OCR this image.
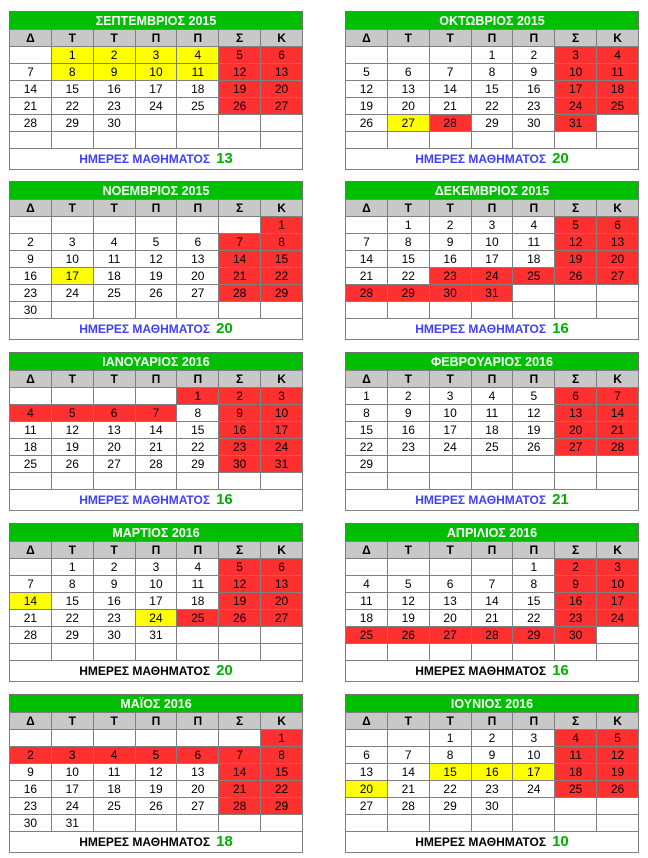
ΣΕΠΤΕΜΒΡΙΟΣ 2015
Δ	Τ	Τ	Π	Π	Σ	Κ
	1	2	3	4	5	6
7	8	9	10	11	12	13
14	15	16	17	18	19	20
21	22	23	24	25	26	27
28	29	30				

ΗΜΕΡΕΣ ΜΑΘΗΜΑΤΟΣ 13						
ΟΚΤΩΒΡΙΟΣ 2015
Δ	Τ	Τ	Π	Π	Σ	Κ
			1	2	3	4
5	6	7	8	9	10	11
12	13	14	15	16	17	18
19	20	21	22	23	24	25
26	27	28	29	30	31	

ΗΜΕΡΕΣ ΜΑΘΗΜΑΤΟΣ 20						
ΝΟΕΜΒΡΙΟΣ 2015
Δ	Τ	Τ	Π	Π	Σ	Κ
						1
2	3	4	5	6	7	8
9	10	11	12	13	14	15
16	17	18	19	20	21	22
23	24	25	26	27	28	29
30						
ΗΜΕΡΕΣ ΜΑΘΗΜΑΤΟΣ 20						
ΔΕΚΕΜΒΡΙΟΣ 2015
Δ	Τ	Τ	Π	Π	Σ	Κ
	1	2	3	4	5	6
7	8	9	10	11	12	13
14	15	16	17	18	19	20
21	22	23	24	25	26	27
28	29	30	31			

ΗΜΕΡΕΣ ΜΑΘΗΜΑΤΟΣ 16						
ΙΑΝΟΥΑΡΙΟΣ 2016
Δ	Τ	Τ	Π	Π	Σ	Κ
				1	2	3
4	5	6	7	8	9	10
11	12	13	14	15	16	17
18	19	20	21	22	23	24
25	26	27	28	29	30	31

ΗΜΕΡΕΣ ΜΑΘΗΜΑΤΟΣ 16						
ΦΕΒΡΟΥΑΡΙΟΣ 2016
Δ	Τ	Τ	Π	Π	Σ	Κ
1	2	3	4	5	6	7
8	9	10	11	12	13	14
15	16	17	18	19	20	21
22	23	24	25	26	27	28
29						

ΗΜΕΡΕΣ ΜΑΘΗΜΑΤΟΣ 21						
ΜΑΡΤΙΟΣ 2016
Δ	Τ	Τ	Π	Π	Σ	Κ
	1	2	3	4	5	6
7	8	9	10	11	12	13
14	15	16	17	18	19	20
21	22	23	24	25	26	27
28	29	30	31			

ΗΜΕΡΕΣ ΜΑΘΗΜΑΤΟΣ 20						
ΑΠΡΙΛΙΟΣ 2016
Δ	Τ	Τ	Π	Π	Σ	Κ
				1	2	3
4	5	6	7	8	9	10
11	12	13	14	15	16	17
18	19	20	21	22	23	24
25	26	27	28	29	30	

ΗΜΕΡΕΣ ΜΑΘΗΜΑΤΟΣ 16						
ΜΑΪΟΣ 2016
Δ	Τ	Τ	Π	Π	Σ	Κ
						1
2	3	4	5	6	7	8
9	10	11	12	13	14	15
16	17	18	19	20	21	22
23	24	25	26	27	28	29
30	31					
ΗΜΕΡΕΣ ΜΑΘΗΜΑΤΟΣ 18						
ΙΟΥΝΙΟΣ 2016
Δ	Τ	Τ	Π	Π	Σ	Κ
		1	2	3	4	5
6	7	8	9	10	11	12
13	14	15	16	17	18	19
20	21	22	23	24	25	26
27	28	29	30			

ΗΜΕΡΕΣ ΜΑΘΗΜΑΤΟΣ 10						
